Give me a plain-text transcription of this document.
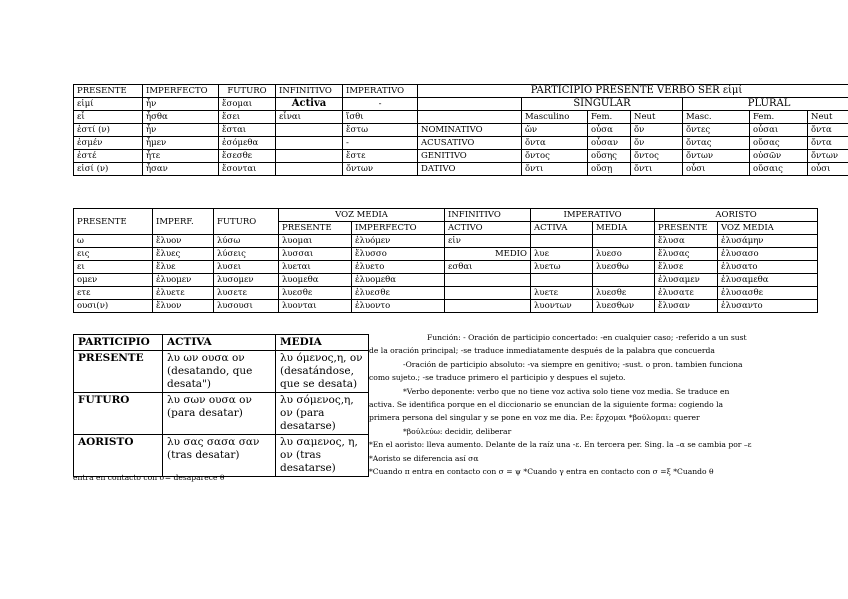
PRESENTE	IMPERFECTO	FUTURO	INFINITIVO	IMPERATIVO	PARTICIPIO PRESENTE VERBO SER εἰμί						
εἰμί	ἦν	ἔσομαι	Activa	-		SINGULAR			PLURAL		
εἶ	ἦσθα	ἔσει	εἶναι	ἴσθι		Masculino	Fem.	Neut	Masc.	Fem.	Neut
ἐστί (ν)	ἦν	ἔσται		ἔστω	NOMINATIVO	ὤν	οὖσα	ὄν	ὄντες	οὖσαι	ὄντα
ἐσμέν	ἦμεν	ἐσόμεθα		-	ACUSATIVO	ὄντα	οὖσαν	ὄν	ὄντας	οὔσας	ὄντα
ἐστέ	ἦτε	ἔσεσθε		ἔστε	GENITIVO	ὄντος	οὔσης	ὄντος	ὄντων	οὐσῶν	ὄντων
εἰσί (ν)	ἦσαν	ἔσονται		ὄντων	DATIVO	ὄντι	οὔσῃ	ὄντι	οὖσι	οὔσαις	οὖσι
PRESENTE	IMPERF.	FUTURO	VOZ MEDIA		INFINITIVO	IMPERATIVO		AORISTO	
			PRESENTE	IMPERFECTO	ACTIVO	ACTIVA	MEDIA	PRESENTE	VOZ MEDIA
ω	ἔλυον	λύσω	λυομαι	ἐλυόμεν	εἰν			ἔλυσα	ἐλυσάμην
εις	ἔλυες	λύσεις	λυσσαι	ἔλυσσο	MEDIO	λυε	λυεσο	ἔλυσας	ἐλυσασο
ει	ἔλυε	λυσει	λυεται	ἐλυετο	εσθαι	λυετω	λυεσθω	ἔλυσε	ἐλυσατο
ομεν	ἐλυομεν	λυσομεν	λυομεθα	ἐλυομεθα				ἐλυσαμεν	ἐλυσαμεθα
ετε	ἐλυετε	λυσετε	λυεσθε	ἐλυεσθε		λυετε	λυεσθε	ἐλυσατε	ἐλυσασθε
ουσι(ν)	ἔλυον	λυσουσι	λυονται	ἐλυοντο		λυοντων	λυεσθων	ἔλυσαν	ἐλυσαντο
PARTICIPIO	ACTIVA	MEDIA
PRESENTE	λυ ων ουσα ον (desatando, que desata")	λυ όμενος,η, ον (desatándose, que se desata)
FUTURO	λυ σων ουσα ον (para desatar)	λυ σόμενος,η, ον (para desatarse)
AORISTO	λυ σας σασα σαν (tras desatar)	λυ σαμενος, η, ον (tras desatarse)

Función: - Oración de participio concertado: -en cualquier caso; -referido a un sust

de la oración principal; -se traduce inmediatamente después de la palabra que concuerda

-Oración de participio absoluto: -va siempre en genitivo; -sust. o pron. tambien funciona

como sujeto.; -se traduce primero el participio y despues el sujeto.

*Verbo deponente: verbo que no tiene voz activa solo tiene voz media. Se traduce en

activa. Se identifica porque en el diccionario se enuncian de la siguiente forma: cogiendo la

primera persona del singular y se pone en voz me dia. P.e: ἔρχομαι *βούλομαι: querer

*βούλεύω: decidir, deliberar

*En el aoristo: lleva aumento. Delante de la raíz una -ε. En tercera per. Sing. la –α se cambia por –ε

*Aoristo se diferencia así σα

*Cuando π entra en contacto con σ = ψ *Cuando γ entra en contacto con σ =ξ *Cuando θ

entra en contacto con σ= desaparece θ
